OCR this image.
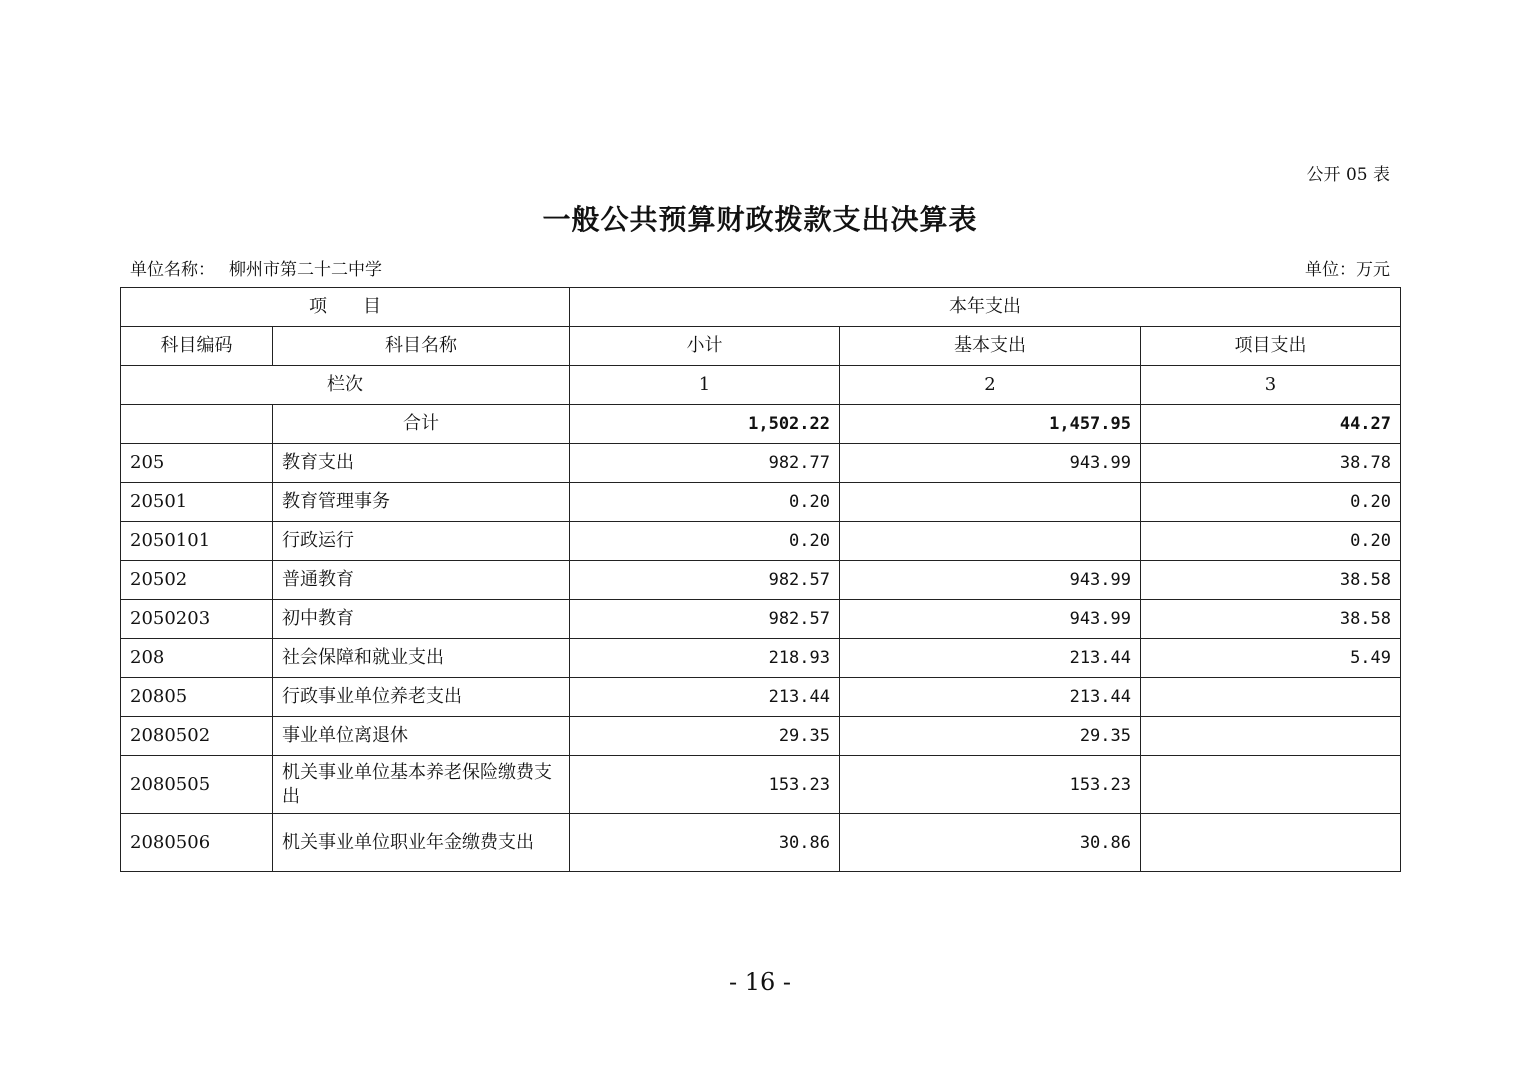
公开 05 表
一般公共预算财政拨款支出决算表
单位名称： 柳州市第二十二中学	单位：万元
项　　目		本年支出		
科目编码	科目名称	小计	基本支出	项目支出
栏次		1	2	3
	合计	1,502.22	1,457.95	44.27
205	教育支出	982.77	943.99	38.78
20501	教育管理事务	0.20		0.20
2050101	行政运行	0.20		0.20
20502	普通教育	982.57	943.99	38.58
2050203	初中教育	982.57	943.99	38.58
208	社会保障和就业支出	218.93	213.44	5.49
20805	行政事业单位养老支出	213.44	213.44	
2080502	事业单位离退休	29.35	29.35	
2080505	机关事业单位基本养老保险缴费支出	153.23	153.23	
2080506	机关事业单位职业年金缴费支出	30.86	30.86	
- 16 -
